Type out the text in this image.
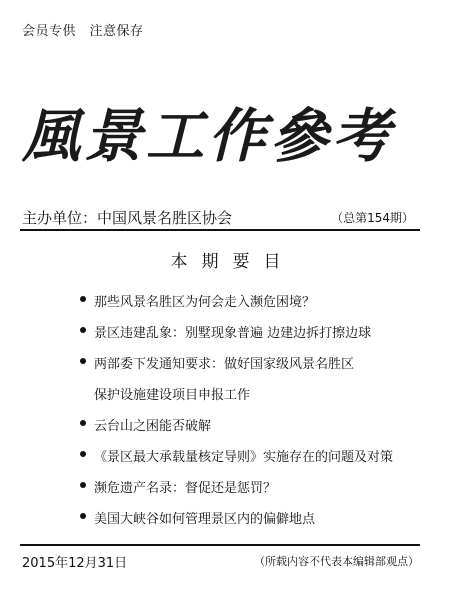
会员专供　注意保存
風景工作參考
主办单位：中国风景名胜区协会	（总第154期）
本期要目
那些风景名胜区为何会走入濒危困境？
景区违建乱象：别墅现象普遍 边建边拆打擦边球
两部委下发通知要求：做好国家级风景名胜区
保护设施建设项目申报工作
云台山之困能否破解
《景区最大承载量核定导则》实施存在的问题及对策
濒危遗产名录：督促还是惩罚？
美国大峡谷如何管理景区内的偏僻地点
2015年12月31日	（所载内容不代表本编辑部观点）
